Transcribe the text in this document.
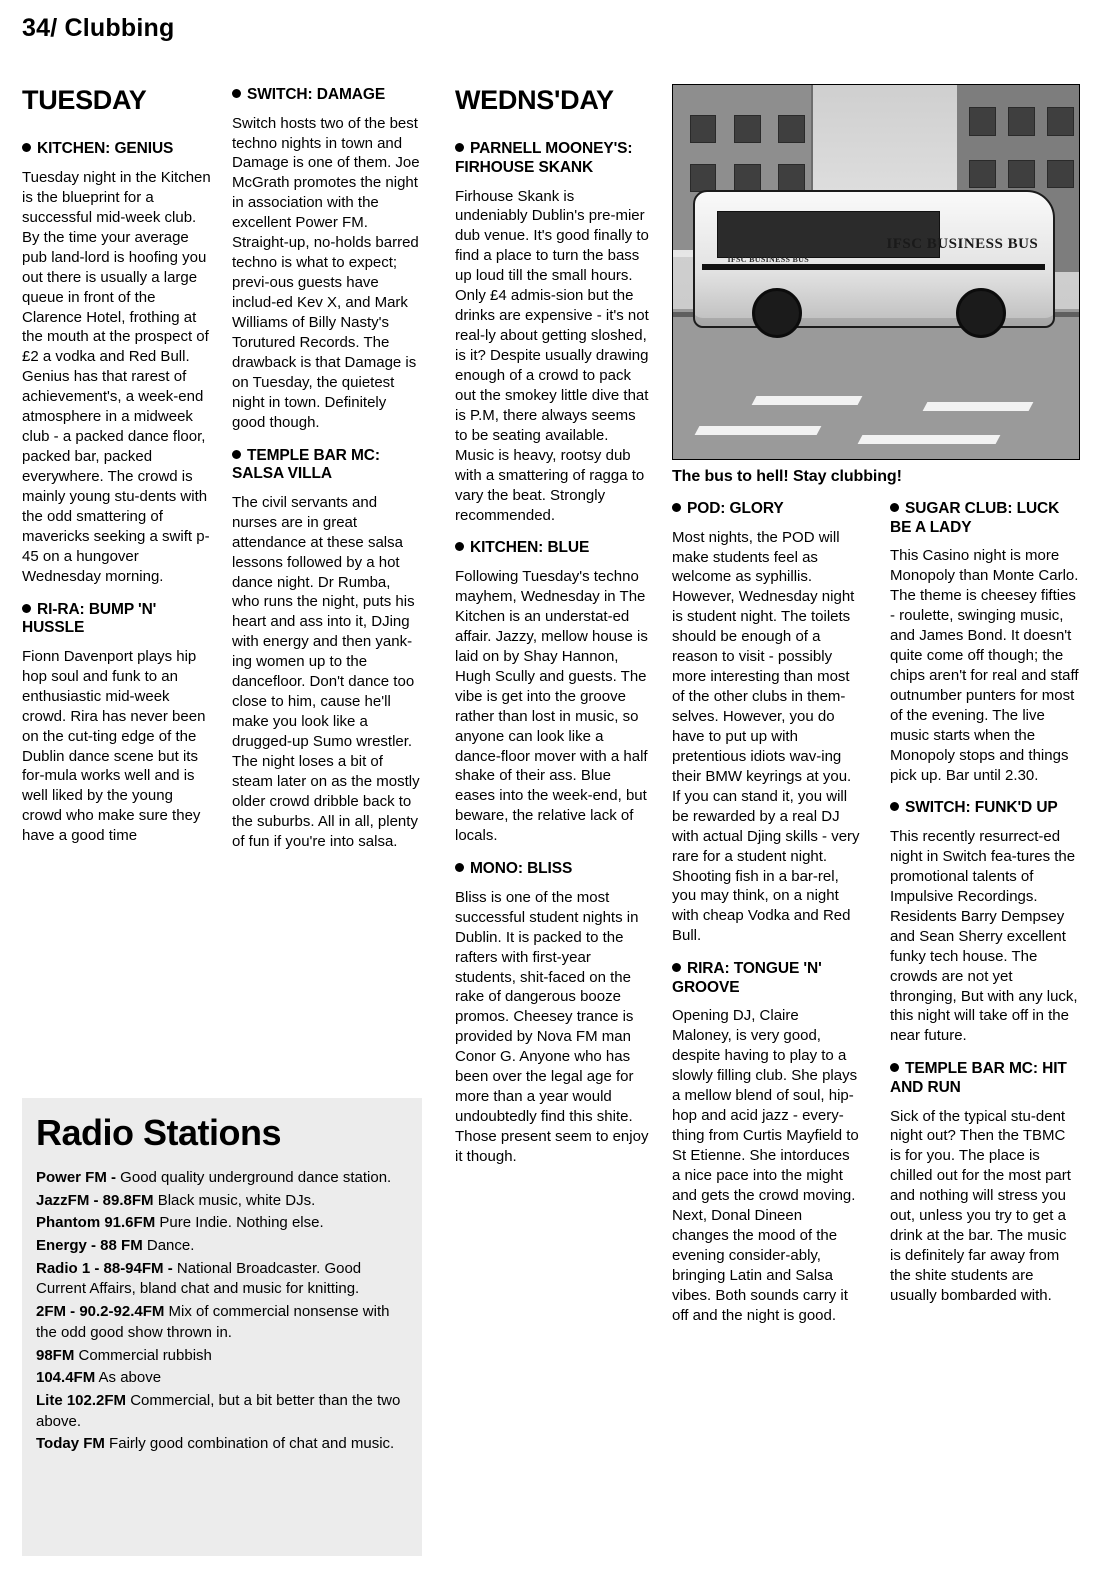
34/ Clubbing
TUESDAY
KITCHEN: GENIUS

Tuesday night in the Kitchen is the blueprint for a successful mid-week club. By the time your average pub land-lord is hoofing you out there is usually a large queue in front of the Clarence Hotel, frothing at the mouth at the prospect of £2 a vodka and Red Bull. Genius has that rarest of achievement's, a week-end atmosphere in a midweek club - a packed dance floor, packed bar, packed everywhere. The crowd is mainly young stu-dents with the odd smattering of mavericks seeking a swift p-45 on a hungover Wednesday morning.

RI-RA: BUMP 'N' HUSSLE

Fionn Davenport plays hip hop soul and funk to an enthusiastic mid-week crowd. Rira has never been on the cut-ting edge of the Dublin dance scene but its for-mula works well and is well liked by the young crowd who make sure they have a good time

SWITCH: DAMAGE

Switch hosts two of the best techno nights in town and Damage is one of them. Joe McGrath promotes the night in association with the excellent Power FM. Straight-up, no-holds barred techno is what to expect; previ-ous guests have includ-ed Kev X, and Mark Williams of Billy Nasty's Torutured Records. The drawback is that Damage is on Tuesday, the quietest night in town. Definitely good though.

TEMPLE BAR MC: SALSA VILLA

The civil servants and nurses are in great attendance at these salsa lessons followed by a hot dance night. Dr Rumba, who runs the night, puts his heart and ass into it, DJing with energy and then yank-ing women up to the dancefloor. Don't dance too close to him, cause he'll make you look like a drugged-up Sumo wrestler. The night loses a bit of steam later on as the mostly older crowd dribble back to the suburbs. All in all, plenty of fun if you're into salsa.

WEDNS'DAY
PARNELL MOONEY'S: FIRHOUSE SKANK

Firhouse Skank is undeniably Dublin's pre-mier dub venue. It's good finally to find a place to turn the bass up loud till the small hours. Only £4 admis-sion but the drinks are expensive - it's not real-ly about getting sloshed, is it? Despite usually drawing enough of a crowd to pack out the smokey little dive that is P.M, there always seems to be seating available. Music is heavy, rootsy dub with a smattering of ragga to vary the beat. Strongly recommended.

KITCHEN: BLUE

Following Tuesday's techno mayhem, Wednesday in The Kitchen is an understat-ed affair. Jazzy, mellow house is laid on by Shay Hannon, Hugh Scully and guests. The vibe is get into the groove rather than lost in music, so anyone can look like a dance-floor mover with a half shake of their ass. Blue eases into the week-end, but beware, the relative lack of locals.

MONO: BLISS

Bliss is one of the most successful student nights in Dublin. It is packed to the rafters with first-year students, shit-faced on the rake of dangerous booze promos. Cheesey trance is provided by Nova FM man Conor G. Anyone who has been over the legal age for more than a year would undoubtedly find this shite. Those present seem to enjoy it though.

IFSC BUSINESS BUS
IFSC BUSINESS BUS
The bus to hell! Stay clubbing!
POD: GLORY

Most nights, the POD will make students feel as welcome as syphillis. However, Wednesday night is student night. The toilets should be enough of a reason to visit - possibly more interesting than most of the other clubs in them-selves. However, you do have to put up with pretentious idiots wav-ing their BMW keyrings at you. If you can stand it, you will be rewarded by a real DJ with actual Djing skills - very rare for a student night. Shooting fish in a bar-rel, you may think, on a night with cheap Vodka and Red Bull.

RIRA: TONGUE 'N' GROOVE

Opening DJ, Claire Maloney, is very good, despite having to play to a slowly filling club. She plays a mellow blend of soul, hip-hop and acid jazz - every-thing from Curtis Mayfield to St Etienne. She intorduces a nice pace into the might and gets the crowd moving. Next, Donal Dineen changes the mood of the evening consider-ably, bringing Latin and Salsa vibes. Both sounds carry it off and the night is good.

SUGAR CLUB: LUCK BE A LADY

This Casino night is more Monopoly than Monte Carlo. The theme is cheesey fifties - roulette, swinging music, and James Bond. It doesn't quite come off though; the chips aren't for real and staff outnumber punters for most of the evening. The live music starts when the Monopoly stops and things pick up. Bar until 2.30.

SWITCH: FUNK'D UP

This recently resurrect-ed night in Switch fea-tures the promotional talents of Impulsive Recordings. Residents Barry Dempsey and Sean Sherry excellent funky tech house. The crowds are not yet thronging, But with any luck, this night will take off in the near future.

TEMPLE BAR MC: HIT AND RUN

Sick of the typical stu-dent night out? Then the TBMC is for you. The place is chilled out for the most part and nothing will stress you out, unless you try to get a drink at the bar. The music is definitely far away from the shite students are usually bombarded with.

Radio Stations
Power FM - Good quality underground dance station.
JazzFM - 89.8FM Black music, white DJs.
Phantom 91.6FM Pure Indie. Nothing else.
Energy - 88 FM Dance.
Radio 1 - 88-94FM - National Broadcaster. Good Current Affairs, bland chat and music for knitting.
2FM - 90.2-92.4FM Mix of commercial nonsense with the odd good show thrown in.
98FM Commercial rubbish
104.4FM As above
Lite 102.2FM Commercial, but a bit better than the two above.
Today FM Fairly good combination of chat and music.
